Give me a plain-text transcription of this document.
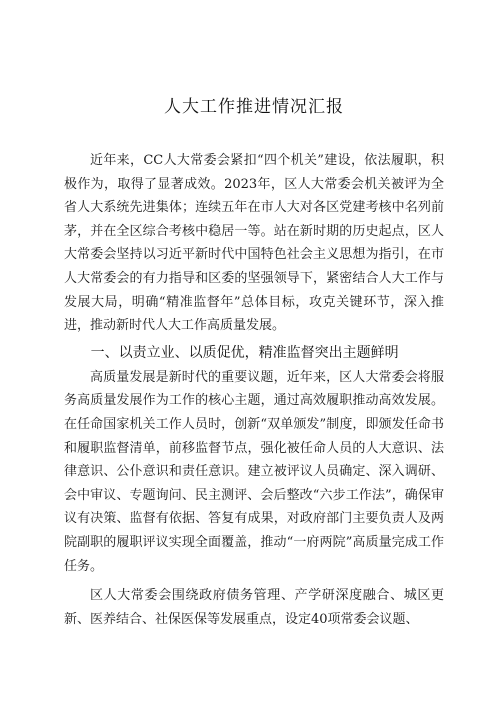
人大工作推进情况汇报

近年来，CC人大常委会紧扣“四个机关”建设，依法履职，积极作为，取得了显著成效。2023年，区人大常委会机关被评为全省人大系统先进集体；连续五年在市人大对各区党建考核中名列前茅，并在全区综合考核中稳居一等。站在新时期的历史起点，区人大常委会坚持以习近平新时代中国特色社会主义思想为指引，在市人大常委会的有力指导和区委的坚强领导下，紧密结合人大工作与发展大局，明确“精准监督年”总体目标，攻克关键环节，深入推进，推动新时代人大工作高质量发展。

一、以责立业、以质促优，精准监督突出主题鲜明

高质量发展是新时代的重要议题，近年来，区人大常委会将服务高质量发展作为工作的核心主题，通过高效履职推动高效发展。在任命国家机关工作人员时，创新“双单颁发”制度，即颁发任命书和履职监督清单，前移监督节点，强化被任命人员的人大意识、法律意识、公仆意识和责任意识。建立被评议人员确定、深入调研、会中审议、专题询问、民主测评、会后整改“六步工作法”，确保审议有决策、监督有依据、答复有成果，对政府部门主要负责人及两院副职的履职评议实现全面覆盖，推动“一府两院”高质量完成工作任务。

区人大常委会围绕政府债务管理、产学研深度融合、城区更新、医养结合、社保医保等发展重点，设定40项常委会议题、
